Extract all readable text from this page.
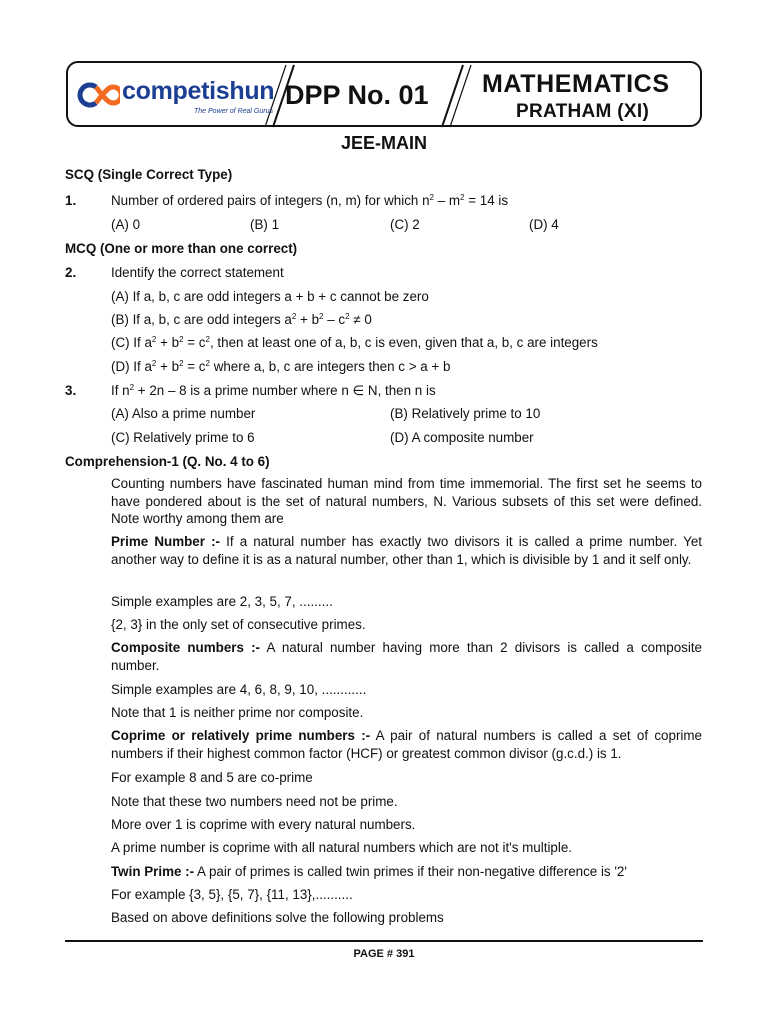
competishun
The Power of Real Gurus
DPP No. 01 MATHEMATICS
PRATHAM (XI)
JEE-MAIN
SCQ (Single Correct Type)
1.	Number of ordered pairs of integers (n, m) for which $n^2 - m^2 = 14$ is
(A) 0	(B) 1	(C) 2	(D) 4
MCQ (One or more than one correct)
2.	Identify the correct statement
(A) If a, b, c are odd integers a + b + c cannot be zero
(B) If a, b, c are odd integers $a^2 + b^2 - c^2 \ne 0$
(C) If $a^2 + b^2 = c^2$, then at least one of a, b, c is even, given that a, b, c are integers
(D) If $a^2 + b^2 = c^2$ where a, b, c are integers then c > a + b
3.	If $n^2 + 2n - 8$ is a prime number where n ∈ N, then n is
(A) Also a prime number	(B) Relatively prime to 10
(C) Relatively prime to 6	(D) A composite number
Comprehension-1 (Q. No. 4 to 6)
Counting numbers have fascinated human mind from time immemorial. The first set he seems to have pondered about is the set of natural numbers, N. Various subsets of this set were defined. Note worthy among them are
Prime Number :- If a natural number has exactly two divisors it is called a prime number. Yet another way to define it is as a natural number, other than 1, which is divisible by 1 and it self only.
Simple examples are 2, 3, 5, 7, .........
{2, 3} in the only set of consecutive primes.
Composite numbers :- A natural number having more than 2 divisors is called a composite number.
Simple examples are 4, 6, 8, 9, 10, ............
Note that 1 is neither prime nor composite.
Coprime or relatively prime numbers :- A pair of natural numbers is called a set of coprime numbers if their highest common factor (HCF) or greatest common divisor (g.c.d.) is 1.
For example 8 and 5 are co-prime
Note that these two numbers need not be prime.
More over 1 is coprime with every natural numbers.
A prime number is coprime with all natural numbers which are not it's multiple.
Twin Prime :- A pair of primes is called twin primes if their non-negative difference is '2'
For example {3, 5}, {5, 7}, {11, 13},..........
Based on above definitions solve the following problems
PAGE # 391
